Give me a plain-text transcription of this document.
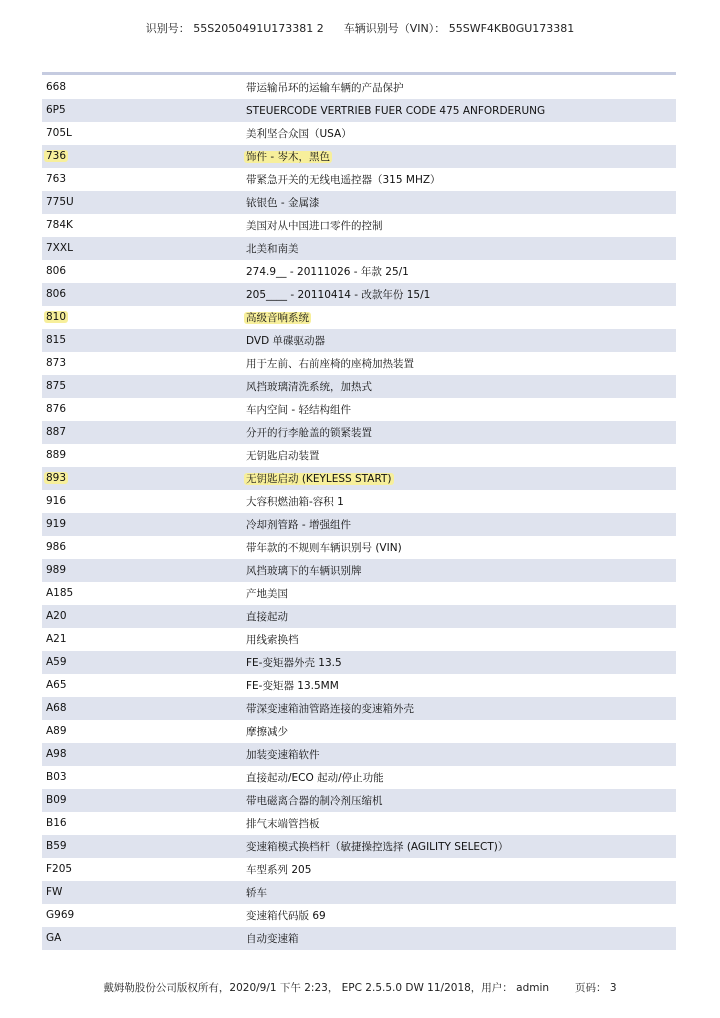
识别号： 55S2050491U173381 2 车辆识别号（VIN）： 55SWF4KB0GU173381
668	带运输吊环的运输车辆的产品保护
6P5	STEUERCODE VERTRIEB FUER CODE 475 ANFORDERUNG
705L	美利坚合众国（USA）
736	饰件 - 岑木，黑色
763	带紧急开关的无线电遥控器（315 MHZ）
775U	铱银色 - 金属漆
784K	美国对从中国进口零件的控制
7XXL	北美和南美
806	274.9__ - 20111026 - 年款 25/1
806	205____ - 20110414 - 改款年份 15/1
810	高级音响系统
815	DVD 单碟驱动器
873	用于左前、右前座椅的座椅加热装置
875	风挡玻璃清洗系统，加热式
876	车内空间 - 轻结构组件
887	分开的行李舱盖的锁紧装置
889	无钥匙启动装置
893	无钥匙启动 (KEYLESS START)
916	大容积燃油箱-容积 1
919	冷却剂管路 - 增强组件
986	带年款的不规则车辆识别号 (VIN)
989	风挡玻璃下的车辆识别牌
A185	产地美国
A20	直接起动
A21	用线索换档
A59	FE-变矩器外壳 13.5
A65	FE-变矩器 13.5MM
A68	带深变速箱油管路连接的变速箱外壳
A89	摩擦减少
A98	加装变速箱软件
B03	直接起动/ECO 起动/停止功能
B09	带电磁离合器的制冷剂压缩机
B16	排气末端管挡板
B59	变速箱模式换档杆（敏捷操控选择 (AGILITY SELECT)）
F205	车型系列 205
FW	轿车
G969	变速箱代码版 69
GA	自动变速箱
戴姆勒股份公司版权所有，2020/9/1 下午 2:23， EPC 2.5.5.0 DW 11/2018，用户： admin 页码： 3
